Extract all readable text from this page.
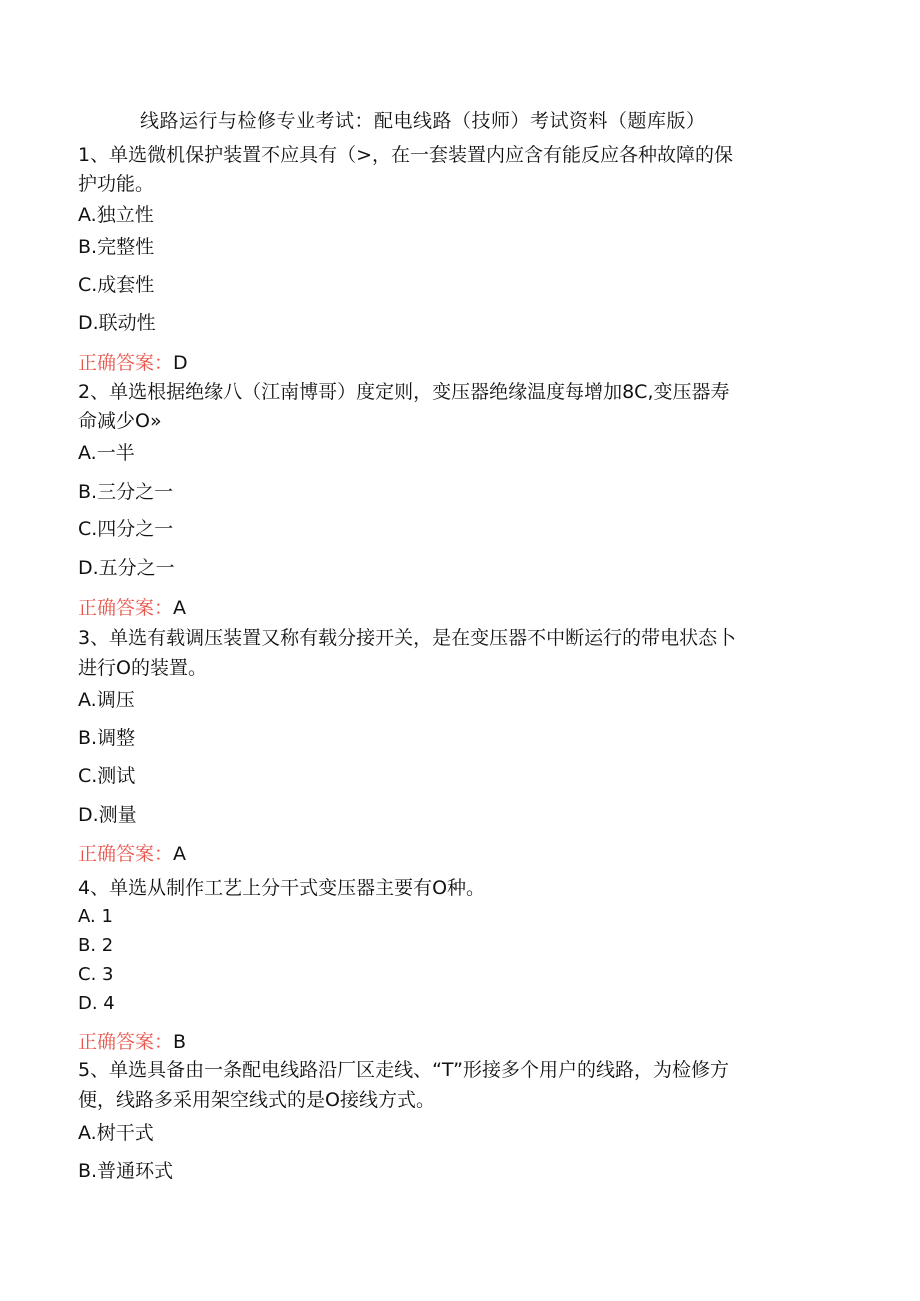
线路运行与检修专业考试：配电线路（技师）考试资料（题库版）
1、单选微机保护装置不应具有（>，在一套装置内应含有能反应各种故障的保
护功能。
A.独立性
B.完整性
C.成套性
D.联动性
正确答案：D
2、单选根据绝缘八（江南博哥）度定则，变压器绝缘温度每增加8C,变压器寿
命减少O»
A.一半
B.三分之一
C.四分之一
D.五分之一
正确答案：A
3、单选有载调压装置又称有载分接开关，是在变压器不中断运行的带电状态卜
进行O的装置。
A.调压
B.调整
C.测试
D.测量
正确答案：A
4、单选从制作工艺上分干式变压器主要有O种。
A. 1
B. 2
C. 3
D. 4
正确答案：B
5、单选具备由一条配电线路沿厂区走线、“T”形接多个用户的线路，为检修方
便，线路多采用架空线式的是O接线方式。
A.树干式
B.普通环式
